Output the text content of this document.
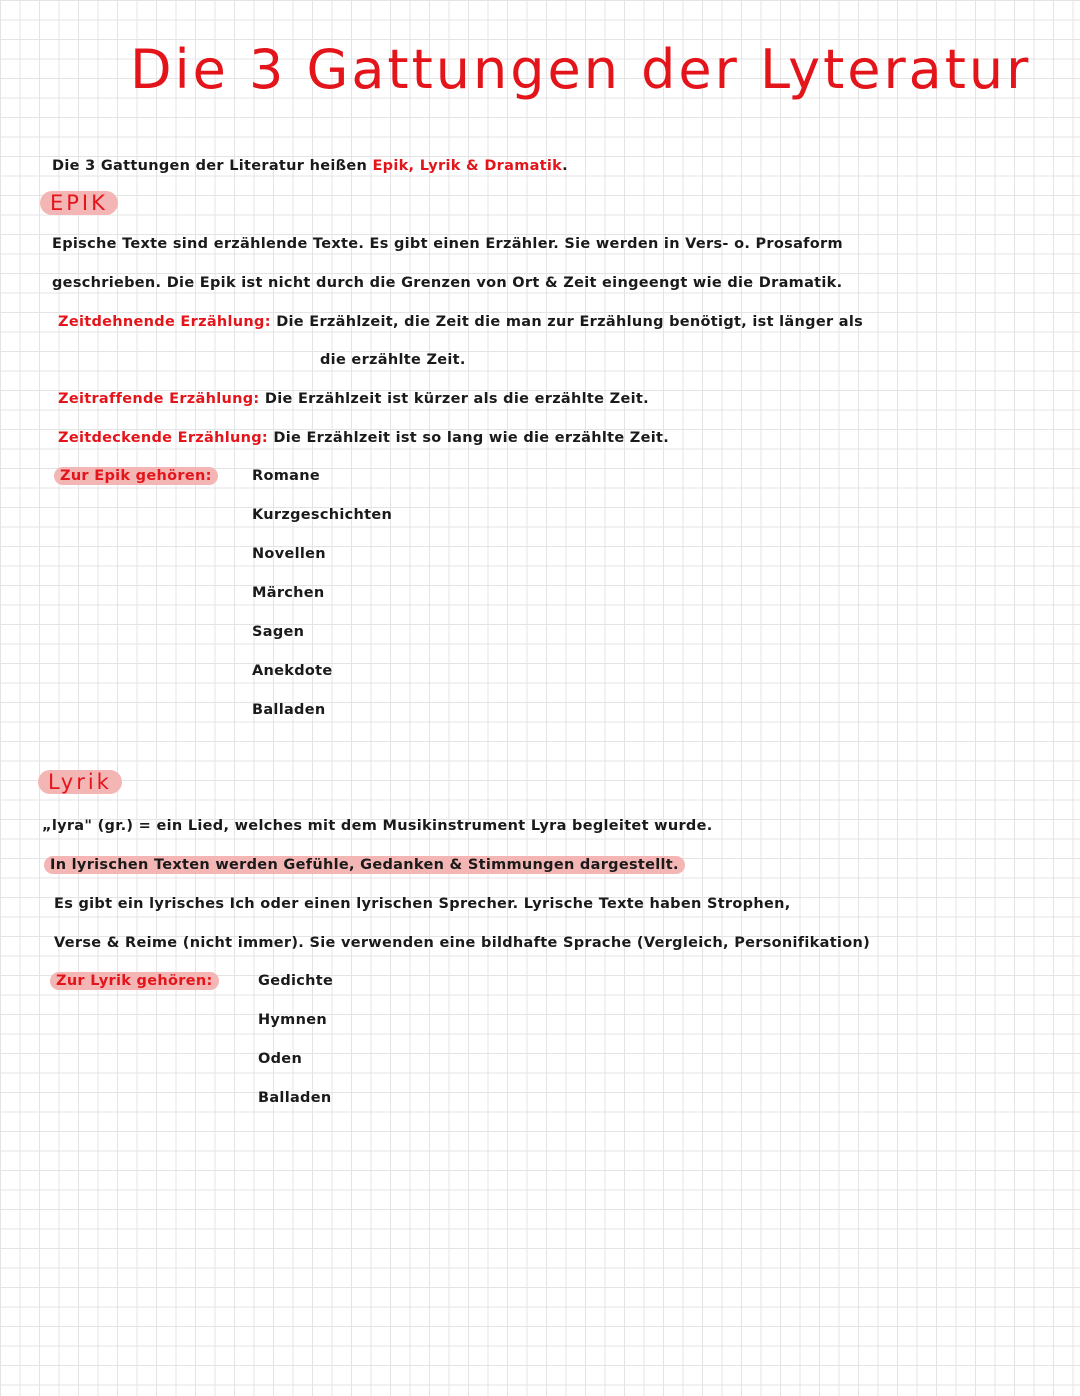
Die 3 Gattungen der Lyteratur
Die 3 Gattungen der Literatur heißen Epik, Lyrik & Dramatik.
EPIK
Epische Texte sind erzählende Texte. Es gibt einen Erzähler. Sie werden in Vers- o. Prosaform
geschrieben. Die Epik ist nicht durch die Grenzen von Ort & Zeit eingeengt wie die Dramatik.
Zeitdehnende Erzählung: Die Erzählzeit, die Zeit die man zur Erzählung benötigt, ist länger als
die erzählte Zeit.
Zeitraffende Erzählung: Die Erzählzeit ist kürzer als die erzählte Zeit.
Zeitdeckende Erzählung: Die Erzählzeit ist so lang wie die erzählte Zeit.
Zur Epik gehören:	Romane
Kurzgeschichten
Novellen
Märchen
Sagen
Anekdote
Balladen
Lyrik
„lyra" (gr.) = ein Lied, welches mit dem Musikinstrument Lyra begleitet wurde.
In lyrischen Texten werden Gefühle, Gedanken & Stimmungen dargestellt.
Es gibt ein lyrisches Ich oder einen lyrischen Sprecher. Lyrische Texte haben Strophen,
Verse & Reime (nicht immer). Sie verwenden eine bildhafte Sprache (Vergleich, Personifikation)
Zur Lyrik gehören:	Gedichte
Hymnen
Oden
Balladen
